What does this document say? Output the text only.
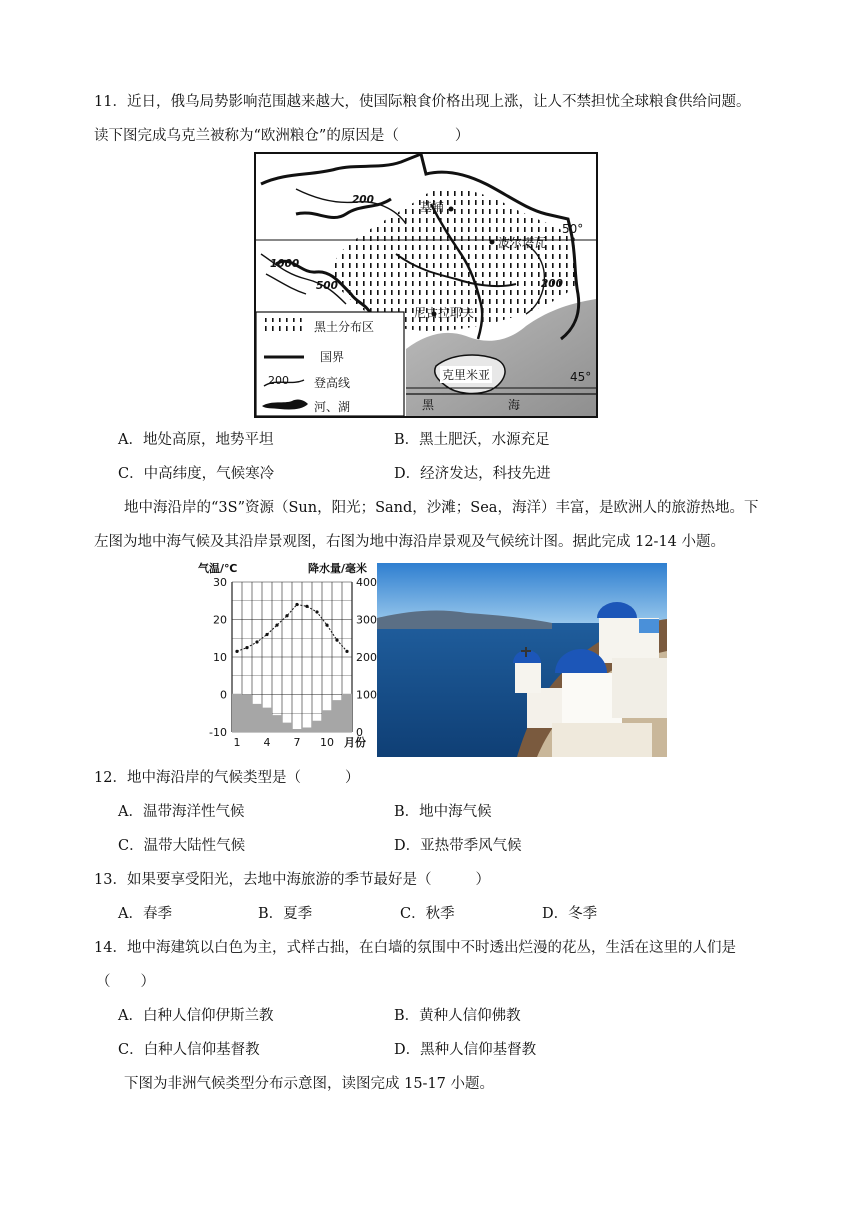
11．近日，俄乌局势影响范围越来越大，使国际粮食价格出现上涨，让人不禁担忧全球粮食供给问题。
读下图完成乌克兰被称为“欧洲粮仓”的原因是（	）
基辅
波尔塔瓦
尼古拉耶夫
克里米亚
黑	海
200
1000
500	200
50°
45°
黑土分布区
国界
200 登高线
河、湖
A．地处高原，地势平坦	B．黑土肥沃，水源充足
C．中高纬度，气候寒冷	D．经济发达，科技先进
地中海沿岸的“3S”资源（Sun，阳光；Sand，沙滩；Sea，海洋）丰富，是欧洲人的旅游热地。下
左图为地中海气候及其沿岸景观图，右图为地中海沿岸景观及气候统计图。据此完成 12-14 小题。
30
20
10
0
-10
400
300
200
100
0
1 4 7 10 月份
气温/℃	降水量/毫米
12．地中海沿岸的气候类型是（	）
A．温带海洋性气候	B．地中海气候
C．温带大陆性气候	D．亚热带季风气候
13．如果要享受阳光，去地中海旅游的季节最好是（	）
A．春季	B．夏季	C．秋季	D．冬季
14．地中海建筑以白色为主，式样古拙，在白墙的氛围中不时透出烂漫的花丛，生活在这里的人们是
（ ）
A．白种人信仰伊斯兰教	B．黄种人信仰佛教
C．白种人信仰基督教	D．黑种人信仰基督教
下图为非洲气候类型分布示意图，读图完成 15-17 小题。
